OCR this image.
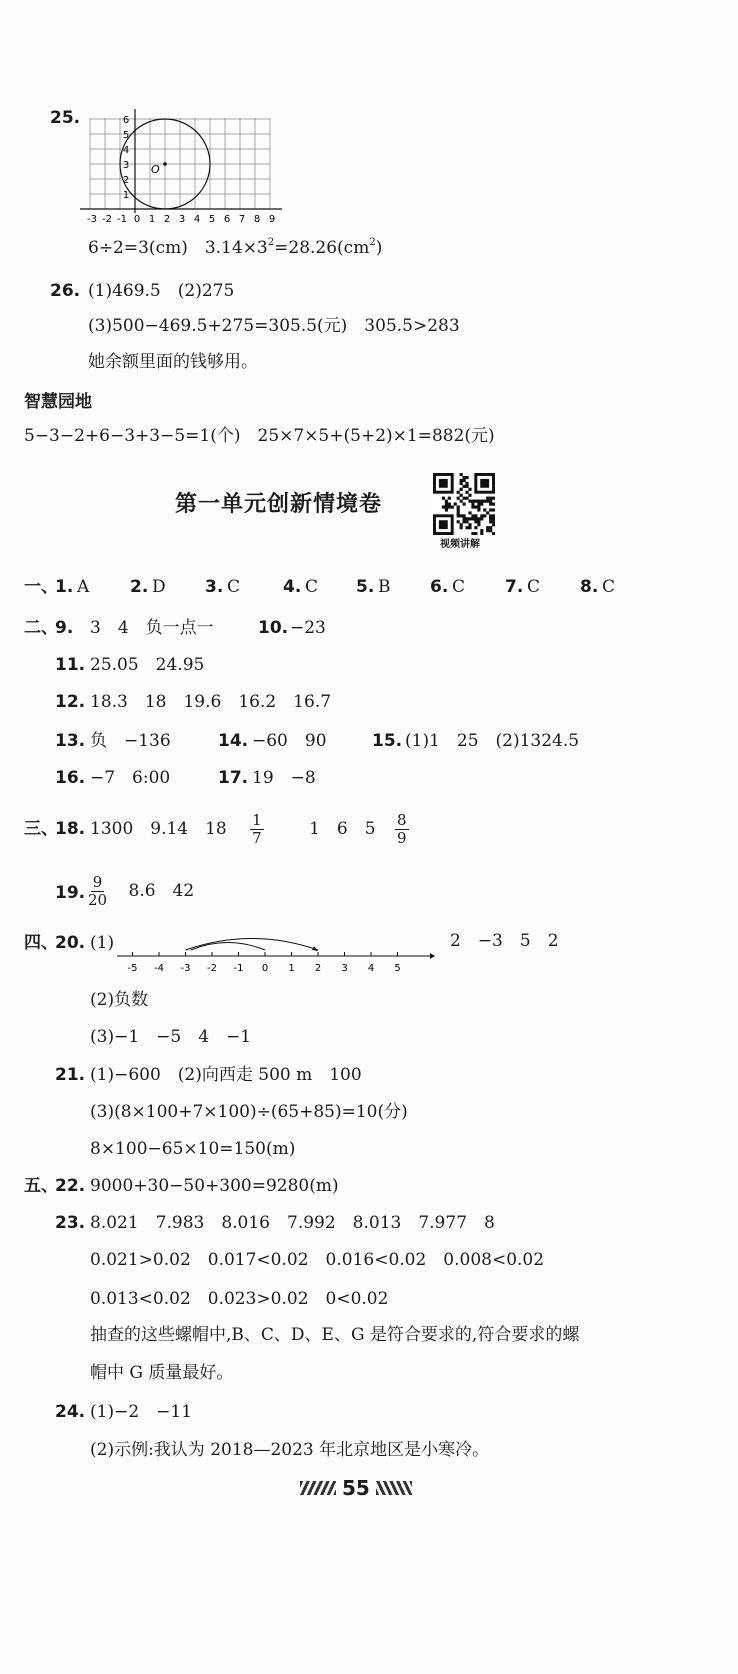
25.
-3 -2 -1 0 1 2 3 4 5 6 7 8 9
6
5
4
3
2
1
O
6÷2=3(cm)　$3.14\times 3^2=28.26(cm^2)$
26. (1)469.5　(2)275
(3)500−469.5+275=305.5(元)　305.5>283
她余额里面的钱够用。
智慧园地
5−3−2+6−3+3−5=1(个)　25×7×5+(5+2)×1=882(元)
第一单元创新情境卷
视频讲解
一、
1. A 2. D 3. C	4. C 5. B 6. C 7. C 8. C
二、
9. 3　4　负一点一	10. −23
11. 25.05　24.95
12. 18.3　18　19.6　16.2　16.7
13. 负　−136	14. −60　90	15. (1)1　25　(2)1324.5
16. −7　6:00	17. 19　−8
三、
18. 1300　9.14　$18 \frac{1}{7}$	1　6　$5 \frac{8}{9}$
19. $\frac{9}{20} 8.6$　42
四、
20. (1)
-5 -4 -3 -2 -1 0 1 2 3 4 5
2　−3　5　2
(2)负数
(3)−1　−5　4　−1
21. (1)−600　(2)向西走 500 m　100
(3)(8×100+7×100)÷(65+85)=10(分)
8×100−65×10=150(m)
五、
22. 9000+30−50+300=9280(m)
23. 8.021　7.983　8.016　7.992　8.013　7.977　8
0.021>0.02　0.017<0.02　0.016<0.02　0.008<0.02
0.013<0.02　0.023>0.02　0<0.02
抽查的这些螺帽中,B、C、D、E、G 是符合要求的,符合要求的螺
帽中 G 质量最好。
24. (1)−2　−11
(2)示例:我认为 2018—2023 年北京地区是小寒冷。
55
